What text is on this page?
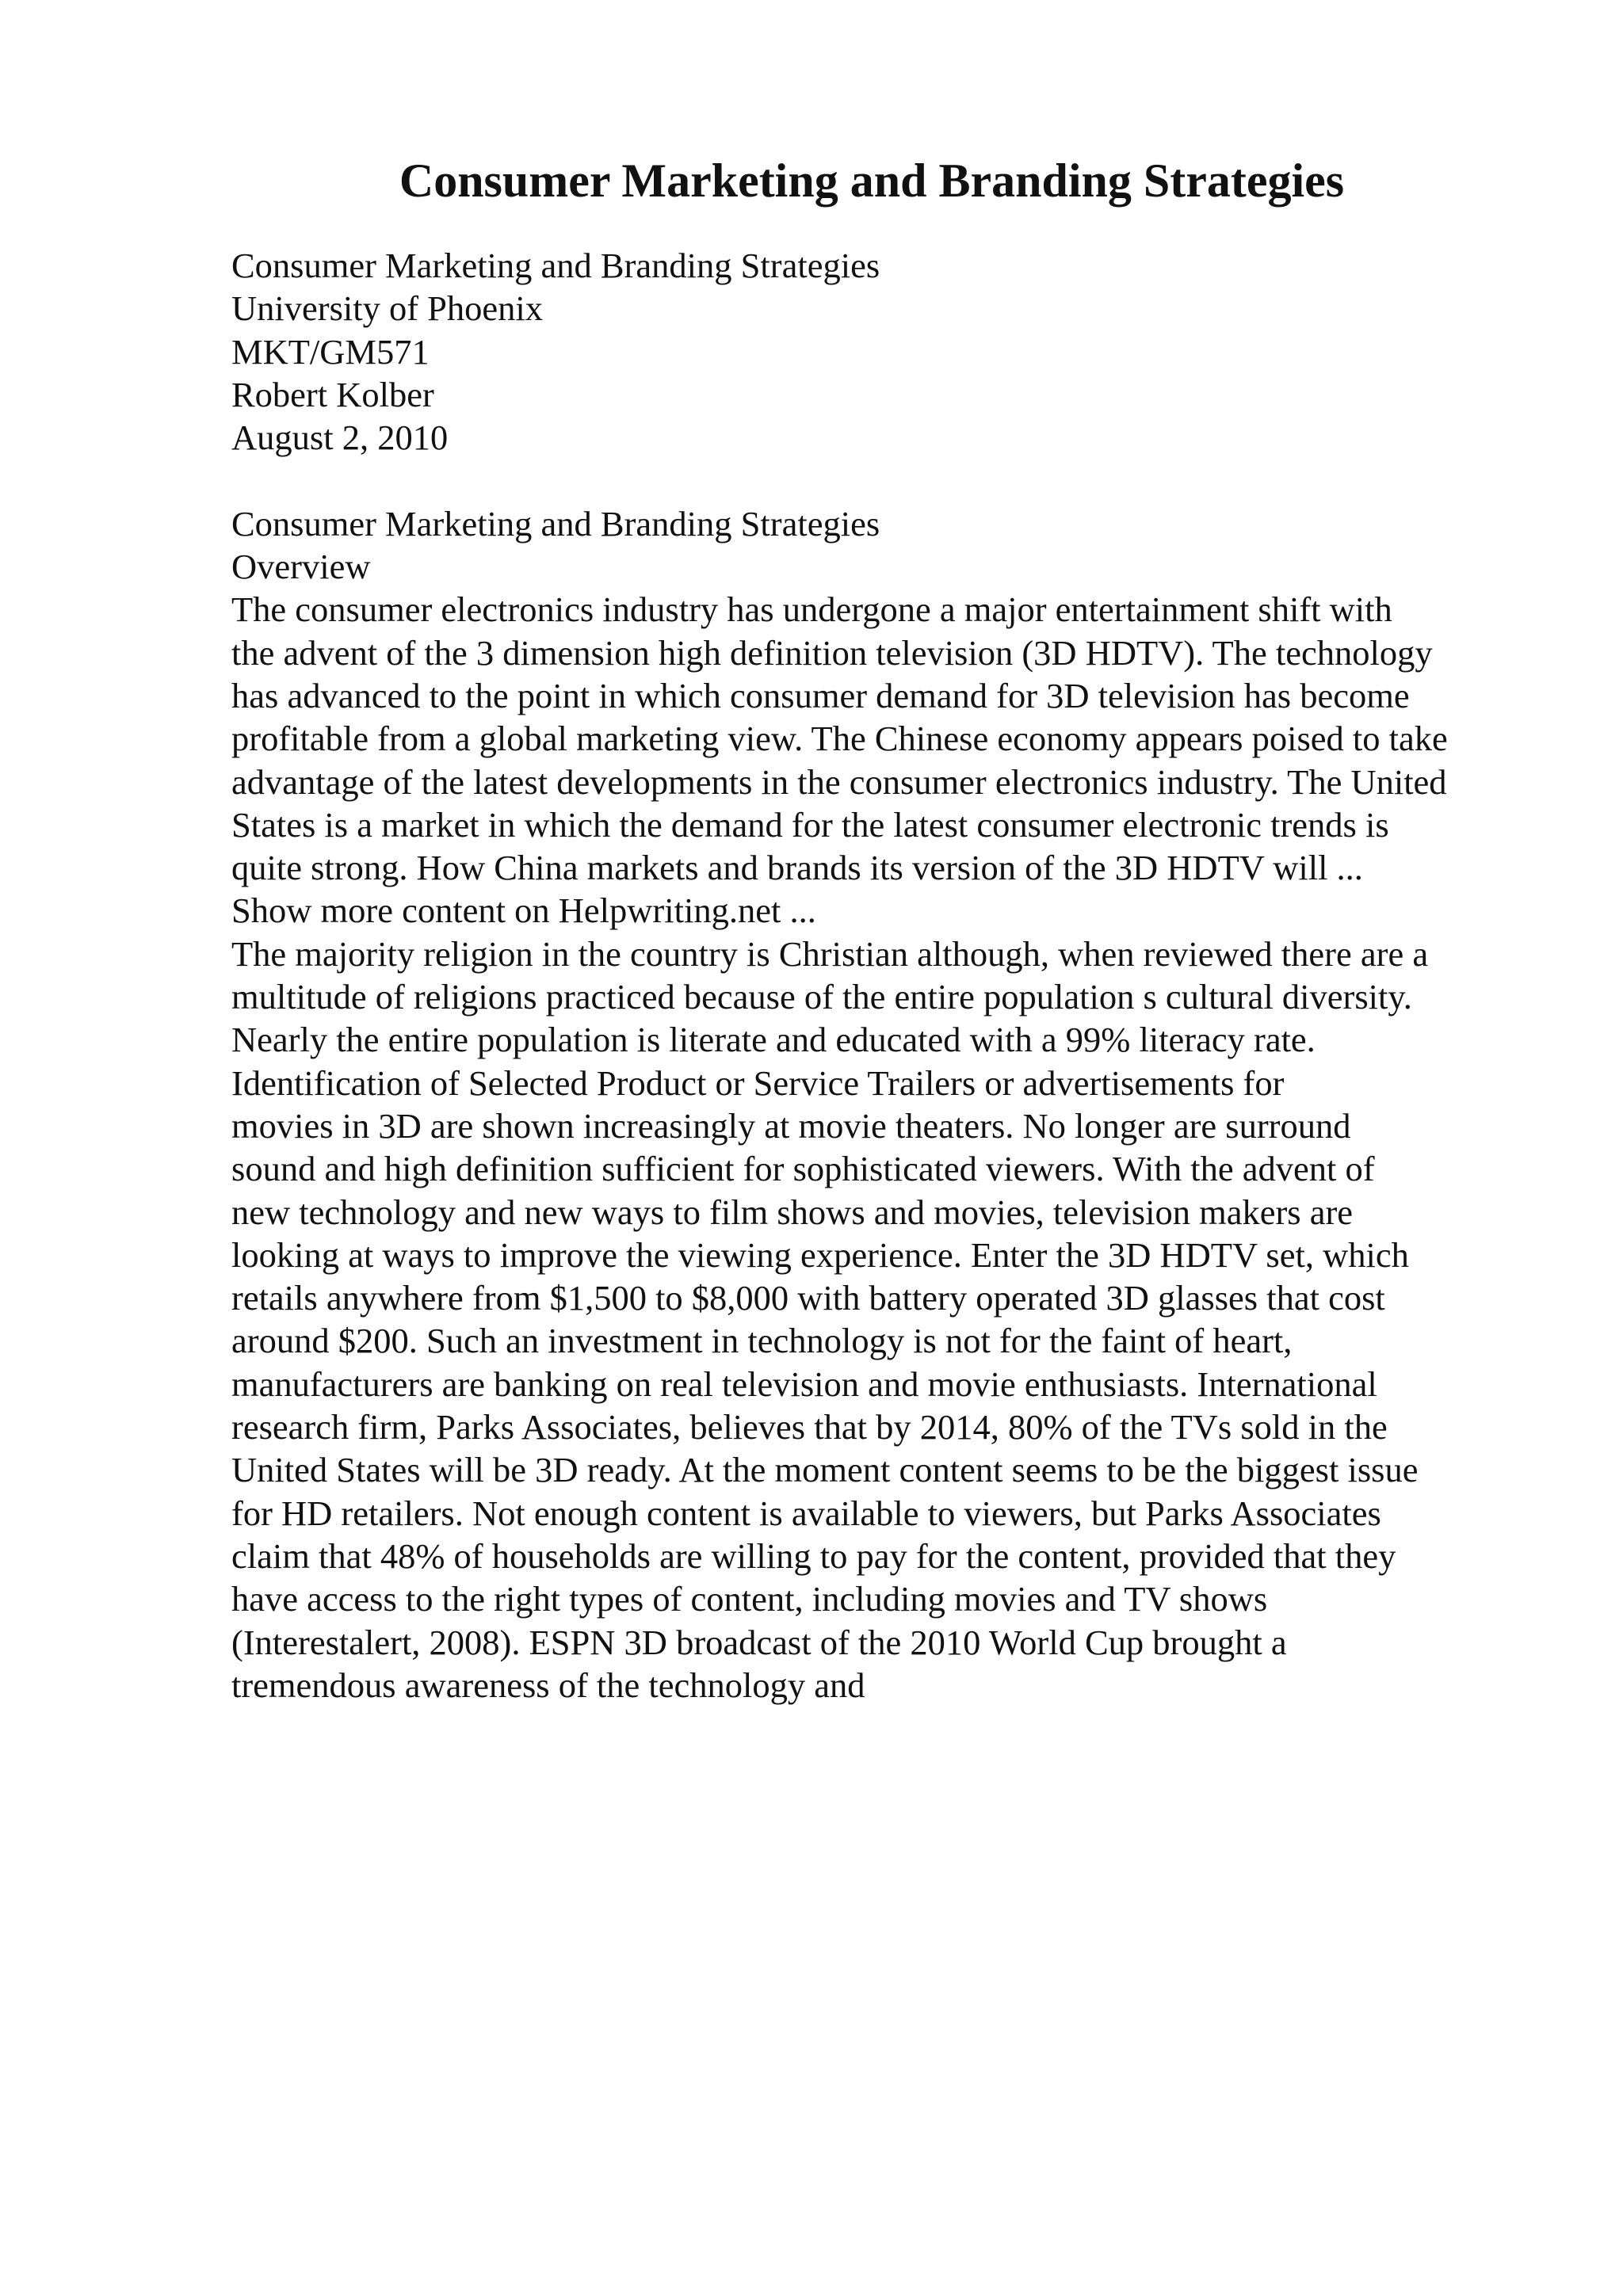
Consumer Marketing and Branding Strategies
Consumer Marketing and Branding Strategies
University of Phoenix
MKT/GM571
Robert Kolber
August 2, 2010
Consumer Marketing and Branding Strategies
Overview
The consumer electronics industry has undergone a major entertainment shift with
the advent of the 3 dimension high definition television (3D HDTV). The technology
has advanced to the point in which consumer demand for 3D television has become
profitable from a global marketing view. The Chinese economy appears poised to take
advantage of the latest developments in the consumer electronics industry. The United
States is a market in which the demand for the latest consumer electronic trends is
quite strong. How China markets and brands its version of the 3D HDTV will ...
Show more content on Helpwriting.net ...
The majority religion in the country is Christian although, when reviewed there are a
multitude of religions practiced because of the entire population s cultural diversity.
Nearly the entire population is literate and educated with a 99% literacy rate.
Identification of Selected Product or Service Trailers or advertisements for
movies in 3D are shown increasingly at movie theaters. No longer are surround
sound and high definition sufficient for sophisticated viewers. With the advent of
new technology and new ways to film shows and movies, television makers are
looking at ways to improve the viewing experience. Enter the 3D HDTV set, which
retails anywhere from $1,500 to $8,000 with battery operated 3D glasses that cost
around $200. Such an investment in technology is not for the faint of heart,
manufacturers are banking on real television and movie enthusiasts. International
research firm, Parks Associates, believes that by 2014, 80% of the TVs sold in the
United States will be 3D ready. At the moment content seems to be the biggest issue
for HD retailers. Not enough content is available to viewers, but Parks Associates
claim that 48% of households are willing to pay for the content, provided that they
have access to the right types of content, including movies and TV shows
(Interestalert, 2008). ESPN 3D broadcast of the 2010 World Cup brought a
tremendous awareness of the technology and
